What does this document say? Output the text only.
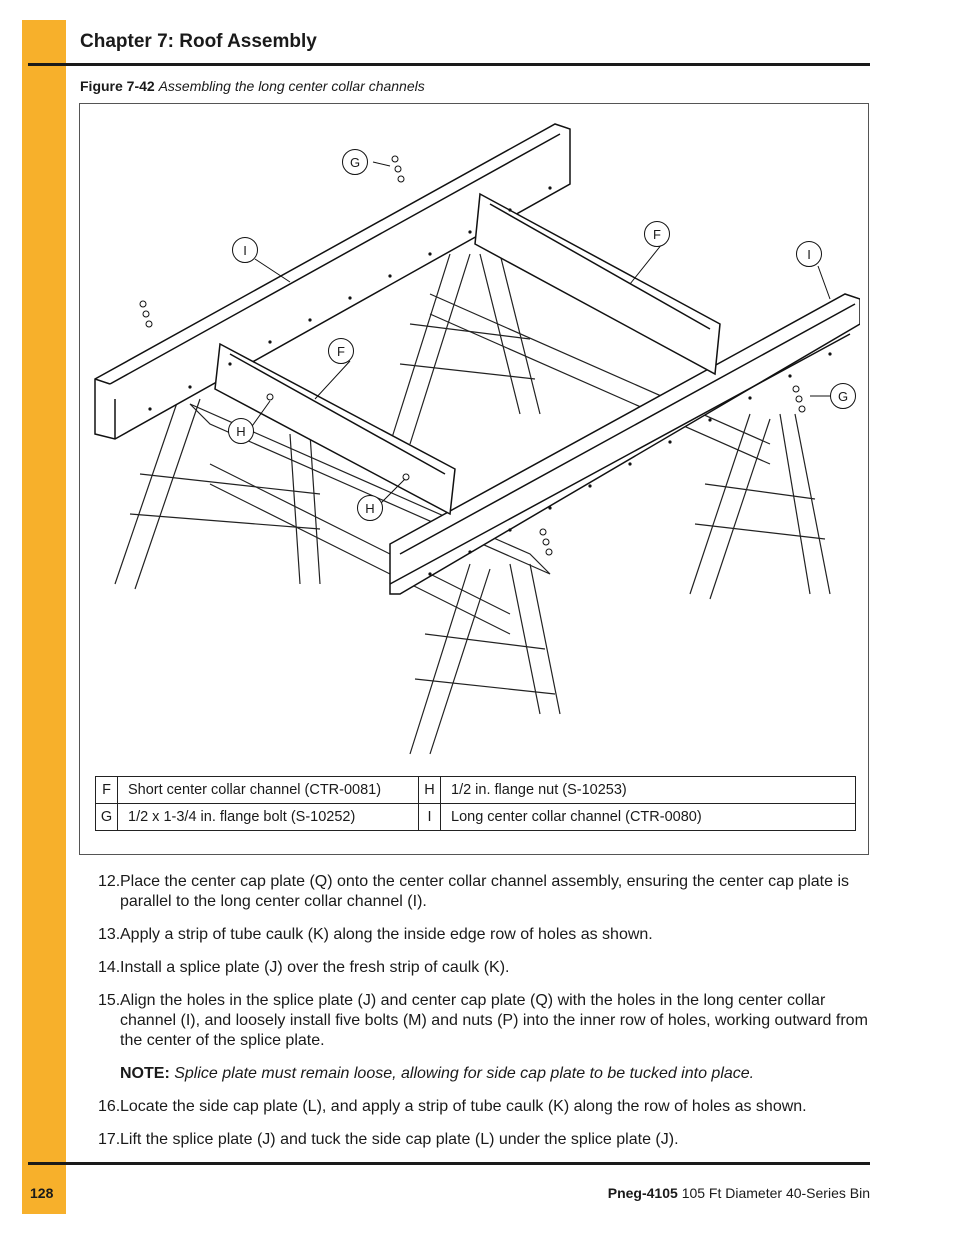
Chapter 7: Roof Assembly
Figure 7-42 Assembling the long center collar channels
G
I
F
I
F
G
H
H
F	Short center collar channel (CTR-0081)	H	1/2 in. flange nut (S-10253)
G	1/2 x 1-3/4 in. flange bolt (S-10252)	I	Long center collar channel (CTR-0080)
12. Place the center cap plate (Q) onto the center collar channel assembly, ensuring the center cap plate is parallel to the long center collar channel (I).
13. Apply a strip of tube caulk (K) along the inside edge row of holes as shown.
14. Install a splice plate (J) over the fresh strip of caulk (K).
15. Align the holes in the splice plate (J) and center cap plate (Q) with the holes in the long center collar channel (I), and loosely install five bolts (M) and nuts (P) into the inner row of holes, working outward from the center of the splice plate.
NOTE: Splice plate must remain loose, allowing for side cap plate to be tucked into place.
16. Locate the side cap plate (L), and apply a strip of tube caulk (K) along the row of holes as shown.
17. Lift the splice plate (J) and tuck the side cap plate (L) under the splice plate (J).
128	Pneg-4105 105 Ft Diameter 40-Series Bin
